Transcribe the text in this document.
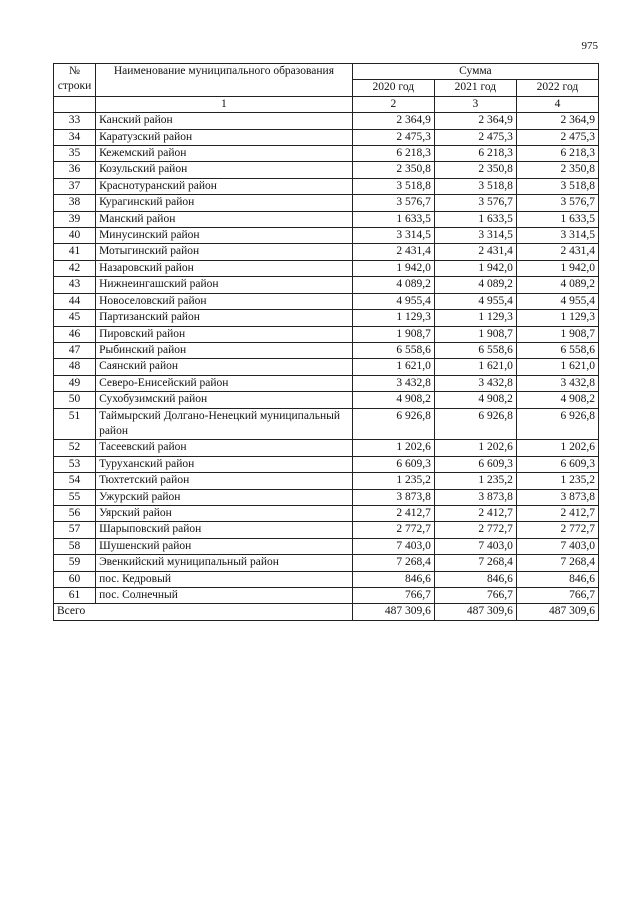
975
№ строки	Наименование муниципального образования	Сумма		
		2020 год	2021 год	2022 год
	1	2	3	4
33	Канский район	2 364,9	2 364,9	2 364,9
34	Каратузский район	2 475,3	2 475,3	2 475,3
35	Кежемский район	6 218,3	6 218,3	6 218,3
36	Козульский район	2 350,8	2 350,8	2 350,8
37	Краснотуранский район	3 518,8	3 518,8	3 518,8
38	Курагинский район	3 576,7	3 576,7	3 576,7
39	Манский район	1 633,5	1 633,5	1 633,5
40	Минусинский район	3 314,5	3 314,5	3 314,5
41	Мотыгинский район	2 431,4	2 431,4	2 431,4
42	Назаровский район	1 942,0	1 942,0	1 942,0
43	Нижнеингашский район	4 089,2	4 089,2	4 089,2
44	Новоселовский район	4 955,4	4 955,4	4 955,4
45	Партизанский район	1 129,3	1 129,3	1 129,3
46	Пировский район	1 908,7	1 908,7	1 908,7
47	Рыбинский район	6 558,6	6 558,6	6 558,6
48	Саянский район	1 621,0	1 621,0	1 621,0
49	Северо-Енисейский район	3 432,8	3 432,8	3 432,8
50	Сухобузимский район	4 908,2	4 908,2	4 908,2
51	Таймырский Долгано-Ненецкий муниципальный район	6 926,8	6 926,8	6 926,8
52	Тасеевский район	1 202,6	1 202,6	1 202,6
53	Туруханский район	6 609,3	6 609,3	6 609,3
54	Тюхтетский район	1 235,2	1 235,2	1 235,2
55	Ужурский район	3 873,8	3 873,8	3 873,8
56	Уярский район	2 412,7	2 412,7	2 412,7
57	Шарыповский район	2 772,7	2 772,7	2 772,7
58	Шушенский район	7 403,0	7 403,0	7 403,0
59	Эвенкийский муниципальный район	7 268,4	7 268,4	7 268,4
60	пос. Кедровый	846,6	846,6	846,6
61	пос. Солнечный	766,7	766,7	766,7
Всего		487 309,6	487 309,6	487 309,6
